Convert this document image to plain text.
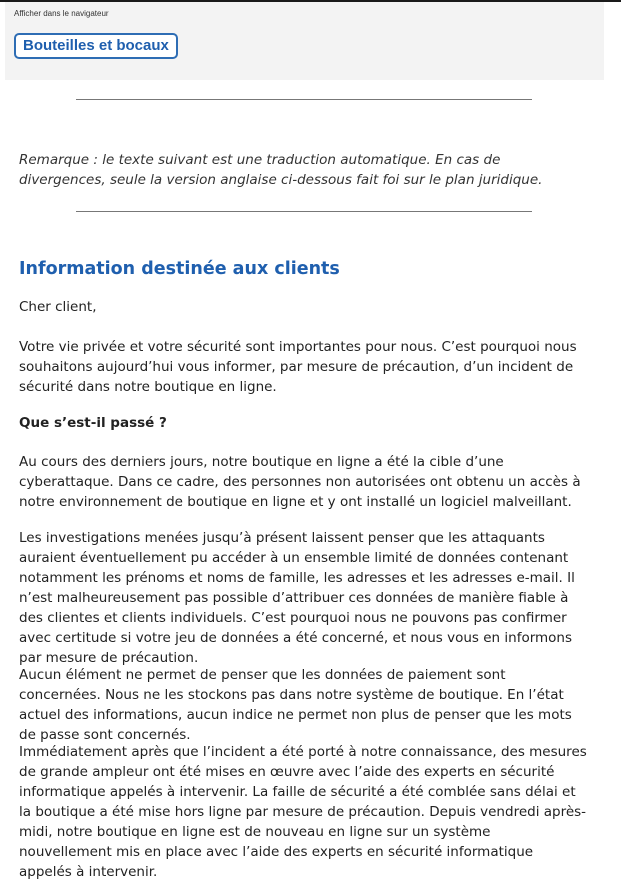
Afficher dans le navigateur
Bouteilles et bocaux

Remarque : le texte suivant est une traduction automatique. En cas de divergences, seule la version anglaise ci-dessous fait foi sur le plan juridique.

Information destinée aux clients

Cher client,

Votre vie privée et votre sécurité sont importantes pour nous. C’est pourquoi nous souhaitons aujourd’hui vous informer, par mesure de précaution, d’un incident de sécurité dans notre boutique en ligne.

Que s’est-il passé ?

Au cours des derniers jours, notre boutique en ligne a été la cible d’une cyberattaque. Dans ce cadre, des personnes non autorisées ont obtenu un accès à notre environnement de boutique en ligne et y ont installé un logiciel malveillant.

Les investigations menées jusqu’à présent laissent penser que les attaquants auraient éventuellement pu accéder à un ensemble limité de données contenant notamment les prénoms et noms de famille, les adresses et les adresses e-mail. Il n’est malheureusement pas possible d’attribuer ces données de manière fiable à des clientes et clients individuels. C’est pourquoi nous ne pouvons pas confirmer avec certitude si votre jeu de données a été concerné, et nous vous en informons par mesure de précaution.

Aucun élément ne permet de penser que les données de paiement sont concernées. Nous ne les stockons pas dans notre système de boutique. En l’état actuel des informations, aucun indice ne permet non plus de penser que les mots de passe sont concernés.

Immédiatement après que l’incident a été porté à notre connaissance, des mesures de grande ampleur ont été mises en œuvre avec l’aide des experts en sécurité informatique appelés à intervenir. La faille de sécurité a été comblée sans délai et la boutique a été mise hors ligne par mesure de précaution. Depuis vendredi après-midi, notre boutique en ligne est de nouveau en ligne sur un système nouvellement mis en place avec l’aide des experts en sécurité informatique appelés à intervenir.
